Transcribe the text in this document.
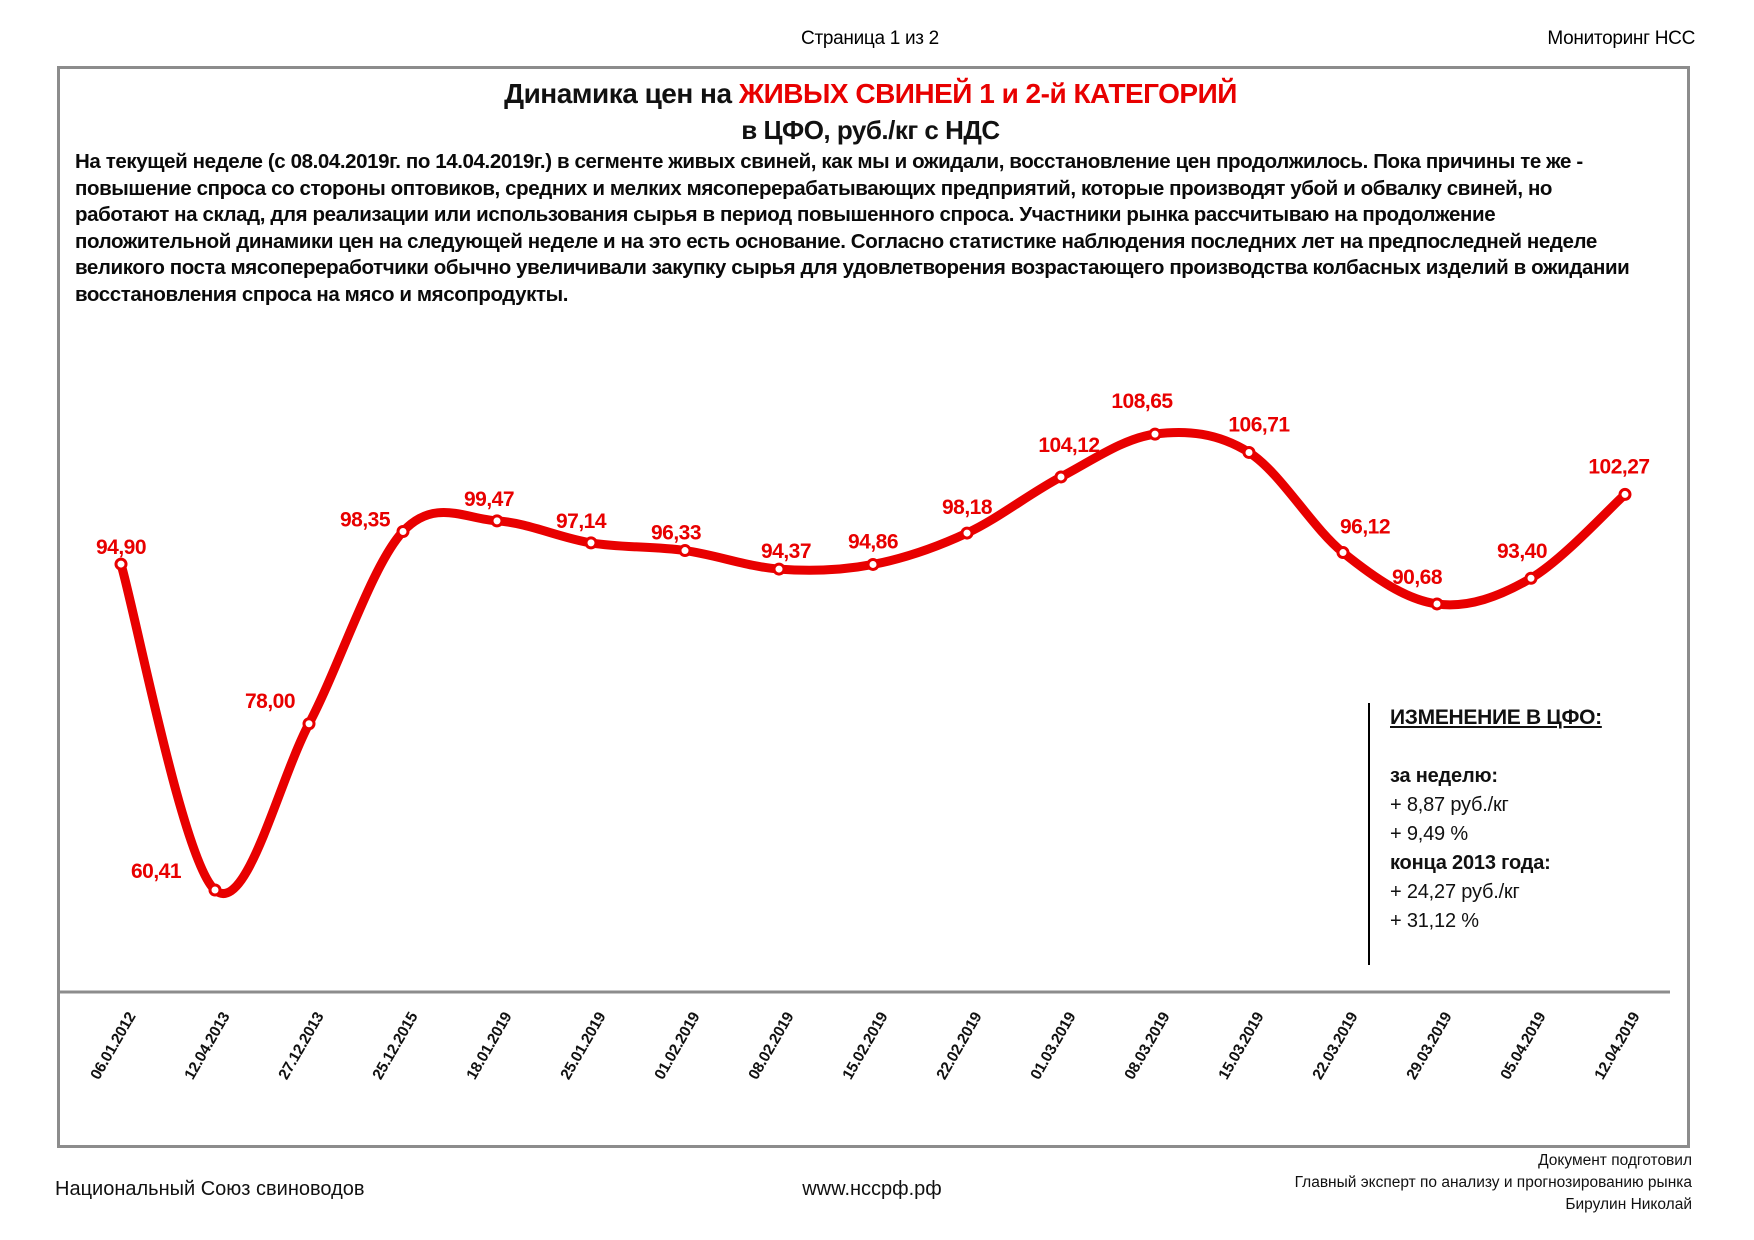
Страница 1 из 2	Мониторинг НСС
Динамика цен на ЖИВЫХ СВИНЕЙ 1 и 2-й КАТЕГОРИЙ
в ЦФО, руб./кг с НДС
На текущей неделе (с 08.04.2019г. по 14.04.2019г.) в сегменте живых свиней, как мы и ожидали, восстановление цен продолжилось. Пока причины те же - повышение спроса со стороны оптовиков, средних и мелких мясоперерабатывающих предприятий, которые производят убой и обвалку свиней, но работают на склад, для реализации или использования сырья в период повышенного спроса. Участники рынка рассчитываю на продолжение положительной динамики цен на следующей неделе и на это есть основание. Согласно статистике наблюдения последних лет на предпоследней неделе великого поста мясопереработчики обычно увеличивали закупку сырья для удовлетворения возрастающего производства колбасных изделий в ожидании восстановления спроса на мясо и мясопродукты.
94,90
60,41
78,00
98,35
99,47
97,14
96,33
94,37 94,86
98,18
104,12
108,65
106,71
96,12
90,68
93,40
102,27
06.01.2012	12.04.2013	27.12.2013	25.12.2015	18.01.2019	25.01.2019	01.02.2019	08.02.2019	15.02.2019	22.02.2019	01.03.2019	08.03.2019	15.03.2019	22.03.2019	29.03.2019	05.04.2019	12.04.2019
ИЗМЕНЕНИЕ В ЦФО:
за неделю:
+ 8,87 руб./кг
+ 9,49 %
конца 2013 года:
+ 24,27 руб./кг
+ 31,12 %
Национальный Союз свиноводов	www.нссрф.рф
Документ подготовил
Главный эксперт по анализу и прогнозированию рынка
Бирулин Николай
